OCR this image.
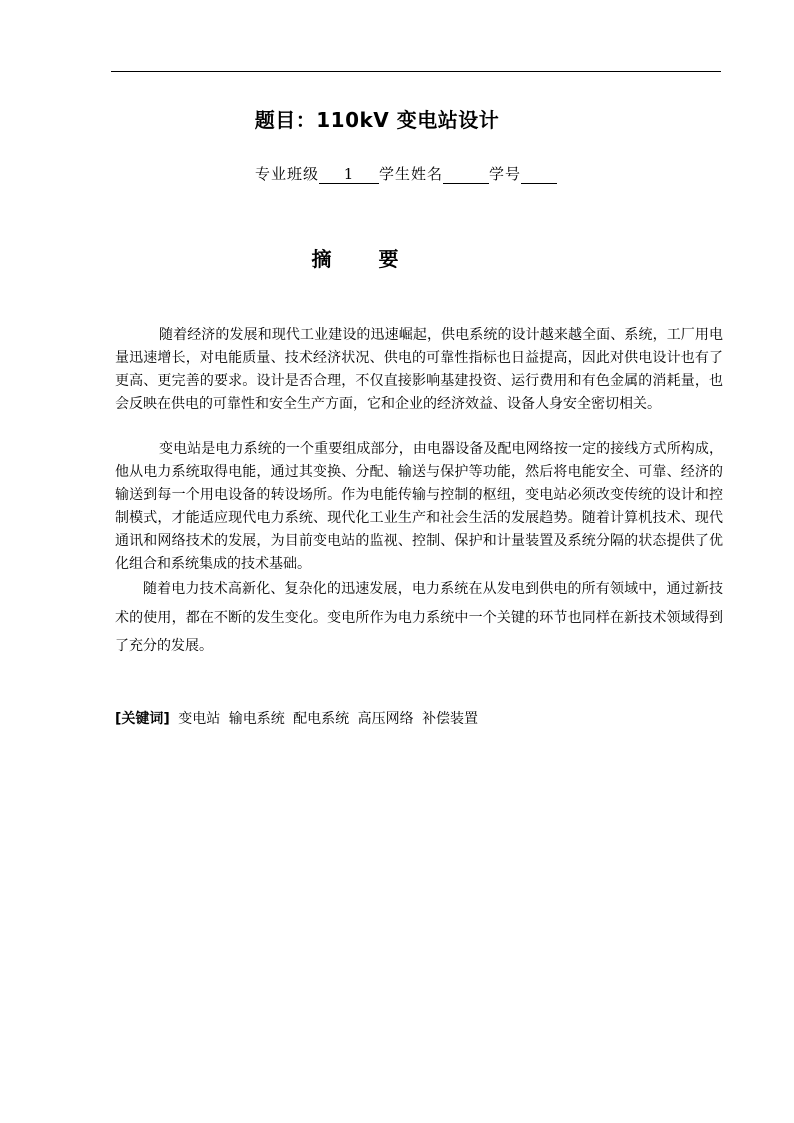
题目：110kV 变电站设计
专业班级 1 学生姓名	学号
摘 要

随着经济的发展和现代工业建设的迅速崛起，供电系统的设计越来越全面、系统，工厂用电量迅速增长，对电能质量、技术经济状况、供电的可靠性指标也日益提高，因此对供电设计也有了更高、更完善的要求。设计是否合理，不仅直接影响基建投资、运行费用和有色金属的消耗量，也会反映在供电的可靠性和安全生产方面，它和企业的经济效益、设备人身安全密切相关。

变电站是电力系统的一个重要组成部分，由电器设备及配电网络按一定的接线方式所构成，他从电力系统取得电能，通过其变换、分配、输送与保护等功能，然后将电能安全、可靠、经济的输送到每一个用电设备的转设场所。作为电能传输与控制的枢纽，变电站必须改变传统的设计和控制模式，才能适应现代电力系统、现代化工业生产和社会生活的发展趋势。随着计算机技术、现代通讯和网络技术的发展，为目前变电站的监视、控制、保护和计量装置及系统分隔的状态提供了优化组合和系统集成的技术基础。

随着电力技术高新化、复杂化的迅速发展，电力系统在从发电到供电的所有领域中，通过新技术的使用，都在不断的发生变化。变电所作为电力系统中一个关键的环节也同样在新技术领域得到了充分的发展。

[关键词] 变电站 输电系统 配电系统 高压网络 补偿装置
